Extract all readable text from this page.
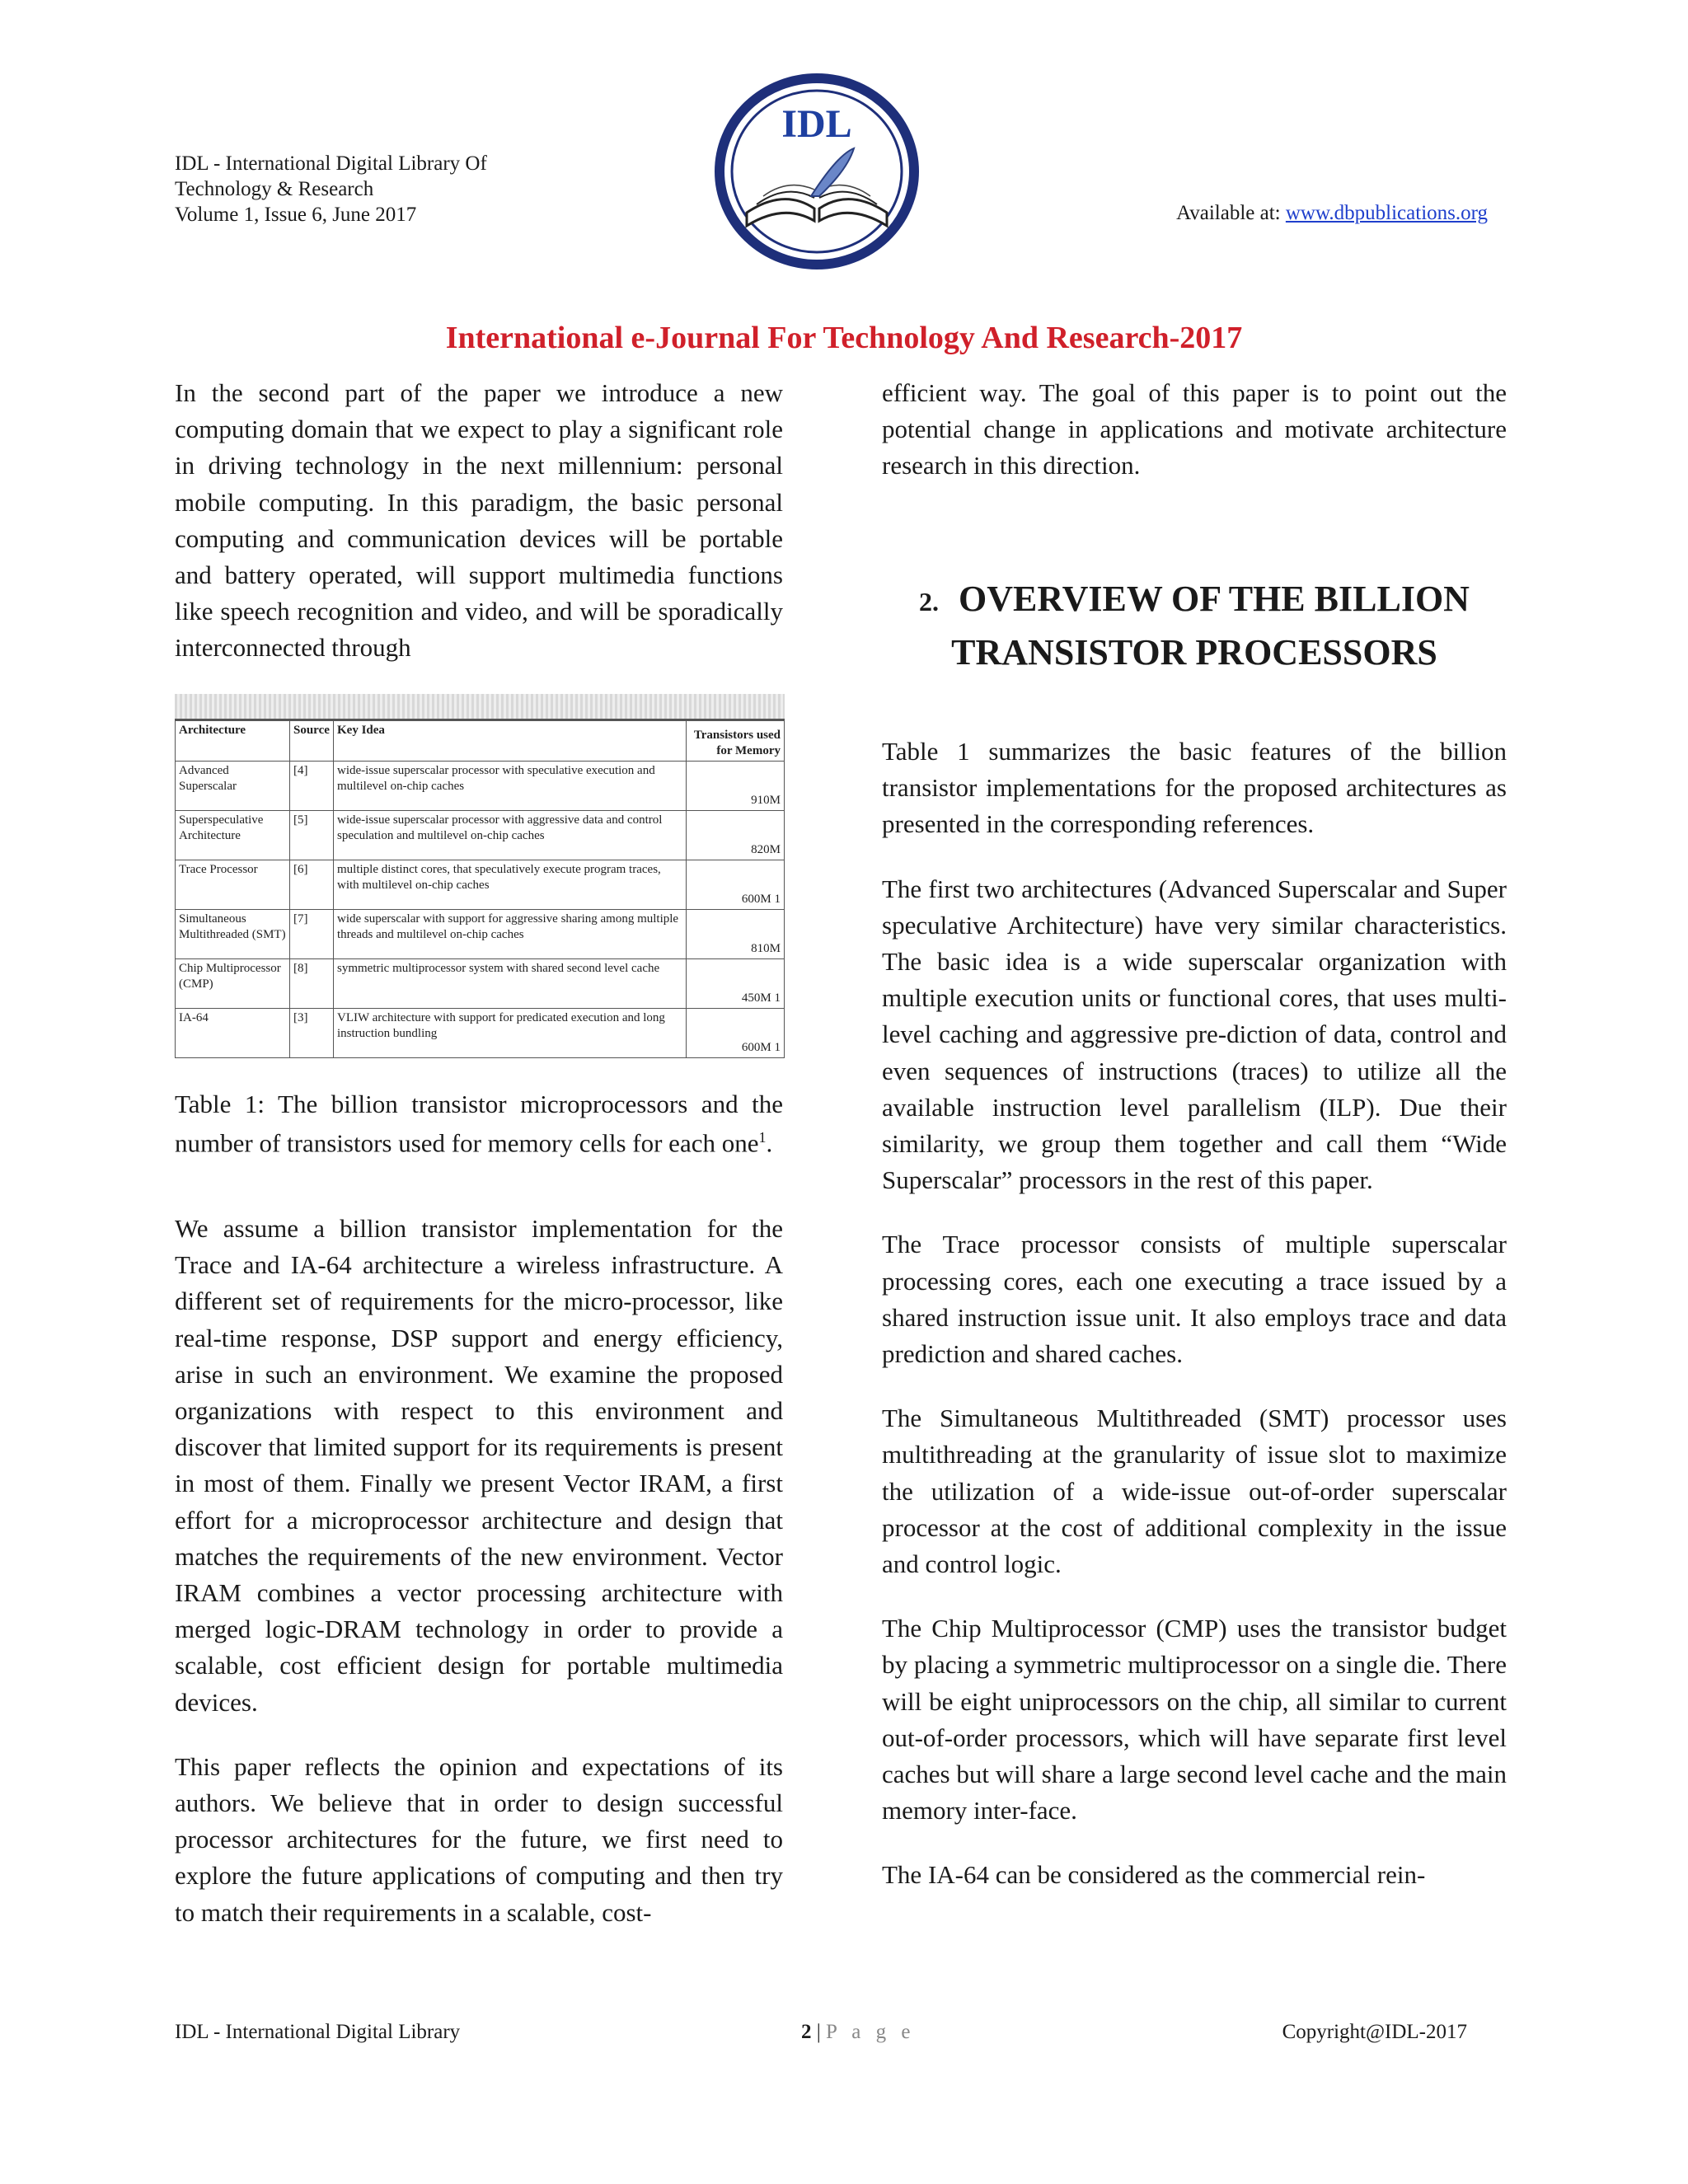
IDL - International Digital Library Of
Technology & Research
Volume 1, Issue 6, June 2017
IDL
Available at: www.dbpublications.org
International e-Journal For Technology And Research-2017

In the second part of the paper we introduce a new computing domain that we expect to play a significant role in driving technology in the next millennium: personal mobile computing. In this paradigm, the basic personal computing and communication devices will be portable and battery operated, will support multimedia functions like speech recognition and video, and will be sporadically interconnected through

efficient way. The goal of this paper is to point out the potential change in applications and motivate architecture research in this direction.

2. OVERVIEW OF THE BILLION TRANSISTOR PROCESSORS
Architecture	Source	Key Idea	Transistors used for Memory
Advanced Superscalar	[4]	wide-issue superscalar processor with speculative execution and multilevel on-chip caches	910M
Superspeculative Architecture	[5]	wide-issue superscalar processor with aggressive data and control speculation and multilevel on-chip caches	820M
Trace Processor	[6]	multiple distinct cores, that speculatively execute program traces, with multilevel on-chip caches	600M 1
Simultaneous Multithreaded (SMT)	[7]	wide superscalar with support for aggressive sharing among multiple threads and multilevel on-chip caches	810M
Chip Multiprocessor (CMP)	[8]	symmetric multiprocessor system with shared second level cache	450M 1
IA-64	[3]	VLIW architecture with support for predicated execution and long instruction bundling	600M 1
Table 1: The billion transistor microprocessors and the number of transistors used for memory cells for each one$^1$.

We assume a billion transistor implementation for the Trace and IA-64 architecture a wireless infrastructure. A different set of requirements for the micro-processor, like real-time response, DSP support and energy efficiency, arise in such an environment. We examine the proposed organizations with respect to this environment and discover that limited support for its requirements is present in most of them. Finally we present Vector IRAM, a first effort for a microprocessor architecture and design that matches the requirements of the new environment. Vector IRAM combines a vector processing architecture with merged logic-DRAM technology in order to provide a scalable, cost efficient design for portable multimedia devices.

This paper reflects the opinion and expectations of its authors. We believe that in order to design successful processor architectures for the future, we first need to explore the future applications of computing and then try to match their requirements in a scalable, cost-

Table 1 summarizes the basic features of the billion transistor implementations for the proposed architectures as presented in the corresponding references.

The first two architectures (Advanced Superscalar and Super speculative Architecture) have very similar characteristics. The basic idea is a wide superscalar organization with multiple execution units or functional cores, that uses multi-level caching and aggressive pre-diction of data, control and even sequences of instructions (traces) to utilize all the available instruction level parallelism (ILP). Due their similarity, we group them together and call them “Wide Superscalar” processors in the rest of this paper.

The Trace processor consists of multiple superscalar processing cores, each one executing a trace issued by a shared instruction issue unit. It also employs trace and data prediction and shared caches.

The Simultaneous Multithreaded (SMT) processor uses multithreading at the granularity of issue slot to maximize the utilization of a wide-issue out-of-order superscalar processor at the cost of additional complexity in the issue and control logic.

The Chip Multiprocessor (CMP) uses the transistor budget by placing a symmetric multiprocessor on a single die. There will be eight uniprocessors on the chip, all similar to current out-of-order processors, which will have separate first level caches but will share a large second level cache and the main memory inter-face.

The IA-64 can be considered as the commercial rein-

IDL - International Digital Library	2 | P a g e	Copyright@IDL-2017
